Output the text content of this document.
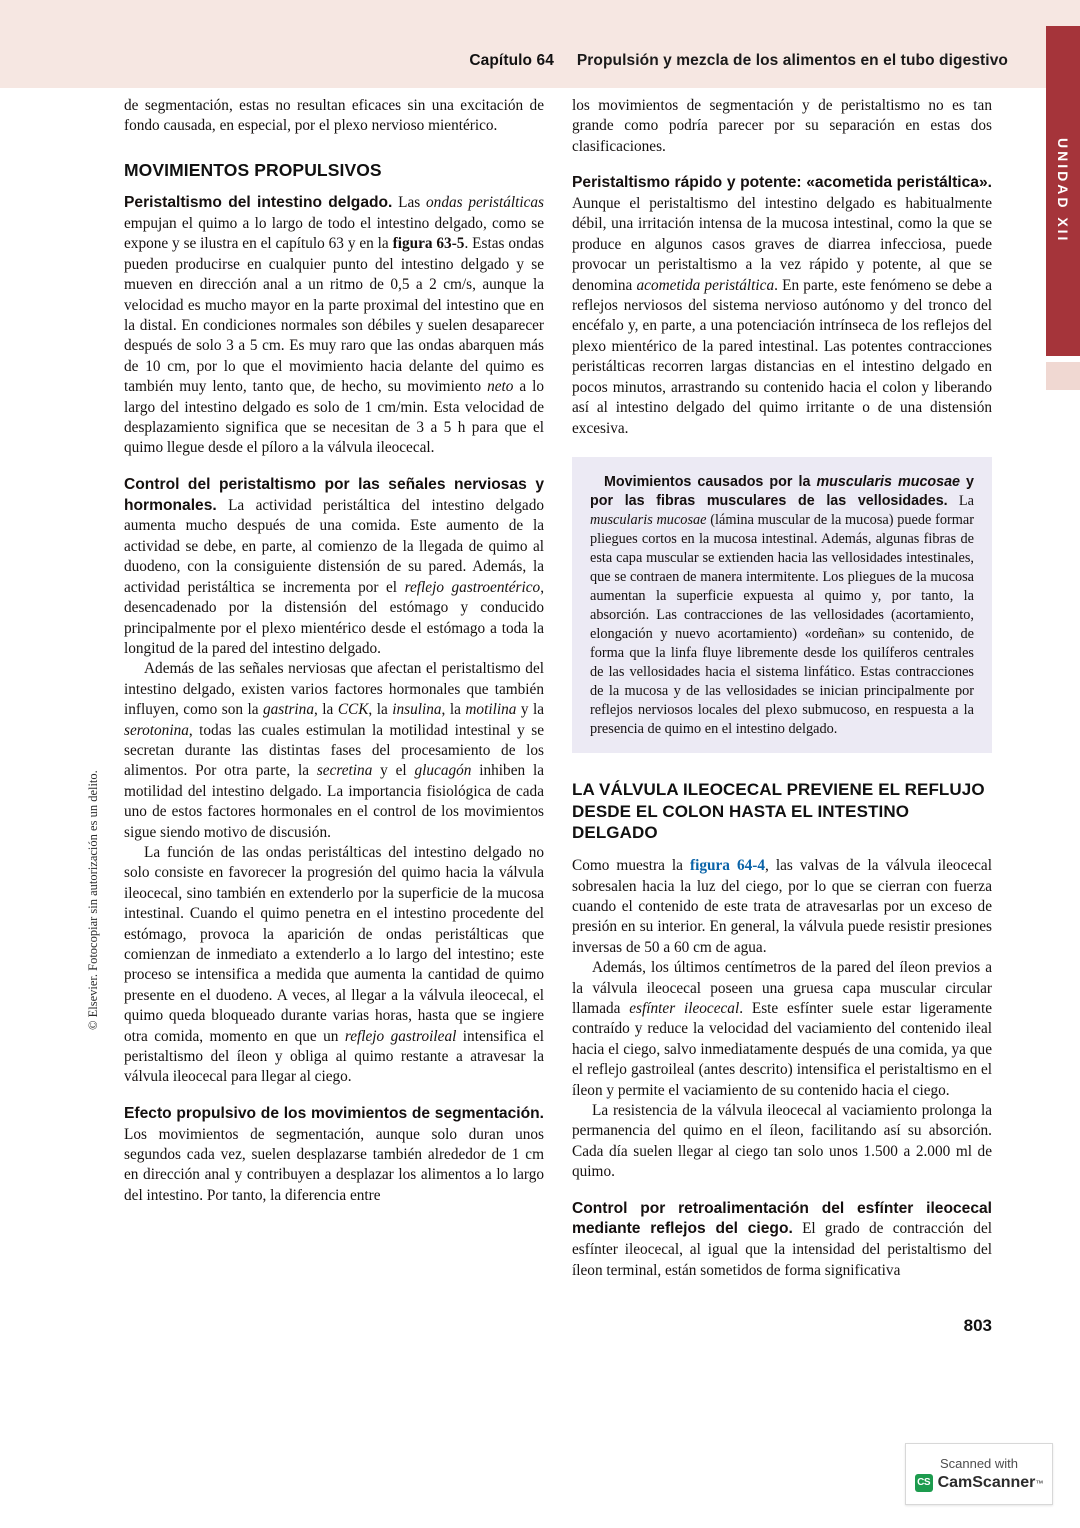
Capítulo 64 Propulsión y mezcla de los alimentos en el tubo digestivo
UNIDAD XII
© Elsevier. Fotocopiar sin autorización es un delito.

de segmentación, estas no resultan eficaces sin una excitación de fondo causada, en especial, por el plexo nervioso mientérico.

MOVIMIENTOS PROPULSIVOS

Peristaltismo del intestino delgado. Las ondas peristálticas empujan el quimo a lo largo de todo el intestino delgado, como se expone y se ilustra en el capítulo 63 y en la figura 63-5. Estas ondas pueden producirse en cualquier punto del intestino delgado y se mueven en dirección anal a un ritmo de 0,5 a 2 cm/s, aunque la velocidad es mucho mayor en la parte proximal del intestino que en la distal. En condiciones normales son débiles y suelen desaparecer después de solo 3 a 5 cm. Es muy raro que las ondas abarquen más de 10 cm, por lo que el movimiento hacia delante del quimo es también muy lento, tanto que, de hecho, su movimiento neto a lo largo del intestino delgado es solo de 1 cm/min. Esta velocidad de desplazamiento significa que se necesitan de 3 a 5 h para que el quimo llegue desde el píloro a la válvula ileocecal.

Control del peristaltismo por las señales nerviosas y hormonales. La actividad peristáltica del intestino delgado aumenta mucho después de una comida. Este aumento de la actividad se debe, en parte, al comienzo de la llegada de quimo al duodeno, con la consiguiente distensión de su pared. Además, la actividad peristáltica se incrementa por el reflejo gastroentérico, desencadenado por la distensión del estómago y conducido principalmente por el plexo mientérico desde el estómago a toda la longitud de la pared del intestino delgado.

Además de las señales nerviosas que afectan el peristaltismo del intestino delgado, existen varios factores hormonales que también influyen, como son la gastrina, la CCK, la insulina, la motilina y la serotonina, todas las cuales estimulan la motilidad intestinal y se secretan durante las distintas fases del procesamiento de los alimentos. Por otra parte, la secretina y el glucagón inhiben la motilidad del intestino delgado. La importancia fisiológica de cada uno de estos factores hormonales en el control de los movimientos sigue siendo motivo de discusión.

La función de las ondas peristálticas del intestino delgado no solo consiste en favorecer la progresión del quimo hacia la válvula ileocecal, sino también en extenderlo por la superficie de la mucosa intestinal. Cuando el quimo penetra en el intestino procedente del estómago, provoca la aparición de ondas peristálticas que comienzan de inmediato a extenderlo a lo largo del intestino; este proceso se intensifica a medida que aumenta la cantidad de quimo presente en el duodeno. A veces, al llegar a la válvula ileocecal, el quimo queda bloqueado durante varias horas, hasta que se ingiere otra comida, momento en que un reflejo gastroileal intensifica el peristaltismo del íleon y obliga al quimo restante a atravesar la válvula ileocecal para llegar al ciego.

Efecto propulsivo de los movimientos de segmentación. Los movimientos de segmentación, aunque solo duran unos segundos cada vez, suelen desplazarse también alrededor de 1 cm en dirección anal y contribuyen a desplazar los alimentos a lo largo del intestino. Por tanto, la diferencia entre

los movimientos de segmentación y de peristaltismo no es tan grande como podría parecer por su separación en estas dos clasificaciones.

Peristaltismo rápido y potente: «acometida peristáltica». Aunque el peristaltismo del intestino delgado es habitualmente débil, una irritación intensa de la mucosa intestinal, como la que se produce en algunos casos graves de diarrea infecciosa, puede provocar un peristaltismo a la vez rápido y potente, al que se denomina acometida peristáltica. En parte, este fenómeno se debe a reflejos nerviosos del sistema nervioso autónomo y del tronco del encéfalo y, en parte, a una potenciación intrínseca de los reflejos del plexo mientérico de la pared intestinal. Las potentes contracciones peristálticas recorren largas distancias en el intestino delgado en pocos minutos, arrastrando su contenido hacia el colon y liberando así al intestino delgado del quimo irritante o de una distensión excesiva.

Movimientos causados por la muscularis mucosae y por las fibras musculares de las vellosidades. La muscularis mucosae (lámina muscular de la mucosa) puede formar pliegues cortos en la mucosa intestinal. Además, algunas fibras de esta capa muscular se extienden hacia las vellosidades intestinales, que se contraen de manera intermitente. Los pliegues de la mucosa aumentan la superficie expuesta al quimo y, por tanto, la absorción. Las contracciones de las vellosidades (acortamiento, elongación y nuevo acortamiento) «ordeñan» su contenido, de forma que la linfa fluye libremente desde los quilíferos centrales de las vellosidades hacia el sistema linfático. Estas contracciones de la mucosa y de las vellosidades se inician principalmente por reflejos nerviosos locales del plexo submucoso, en respuesta a la presencia de quimo en el intestino delgado.

LA VÁLVULA ILEOCECAL PREVIENE EL REFLUJO DESDE EL COLON HASTA EL INTESTINO DELGADO

Como muestra la figura 64-4, las valvas de la válvula ileocecal sobresalen hacia la luz del ciego, por lo que se cierran con fuerza cuando el contenido de este trata de atravesarlas por un exceso de presión en su interior. En general, la válvula puede resistir presiones inversas de 50 a 60 cm de agua.

Además, los últimos centímetros de la pared del íleon previos a la válvula ileocecal poseen una gruesa capa muscular circular llamada esfínter ileocecal. Este esfínter suele estar ligeramente contraído y reduce la velocidad del vaciamiento del contenido ileal hacia el ciego, salvo inmediatamente después de una comida, ya que el reflejo gastroileal (antes descrito) intensifica el peristaltismo en el íleon y permite el vaciamiento de su contenido hacia el ciego.

La resistencia de la válvula ileocecal al vaciamiento prolonga la permanencia del quimo en el íleon, facilitando así su absorción. Cada día suelen llegar al ciego tan solo unos 1.500 a 2.000 ml de quimo.

Control por retroalimentación del esfínter ileocecal mediante reflejos del ciego. El grado de contracción del esfínter ileocecal, al igual que la intensidad del peristaltismo del íleon terminal, están sometidos de forma significativa

803
Scanned with
CS CamScanner ™
